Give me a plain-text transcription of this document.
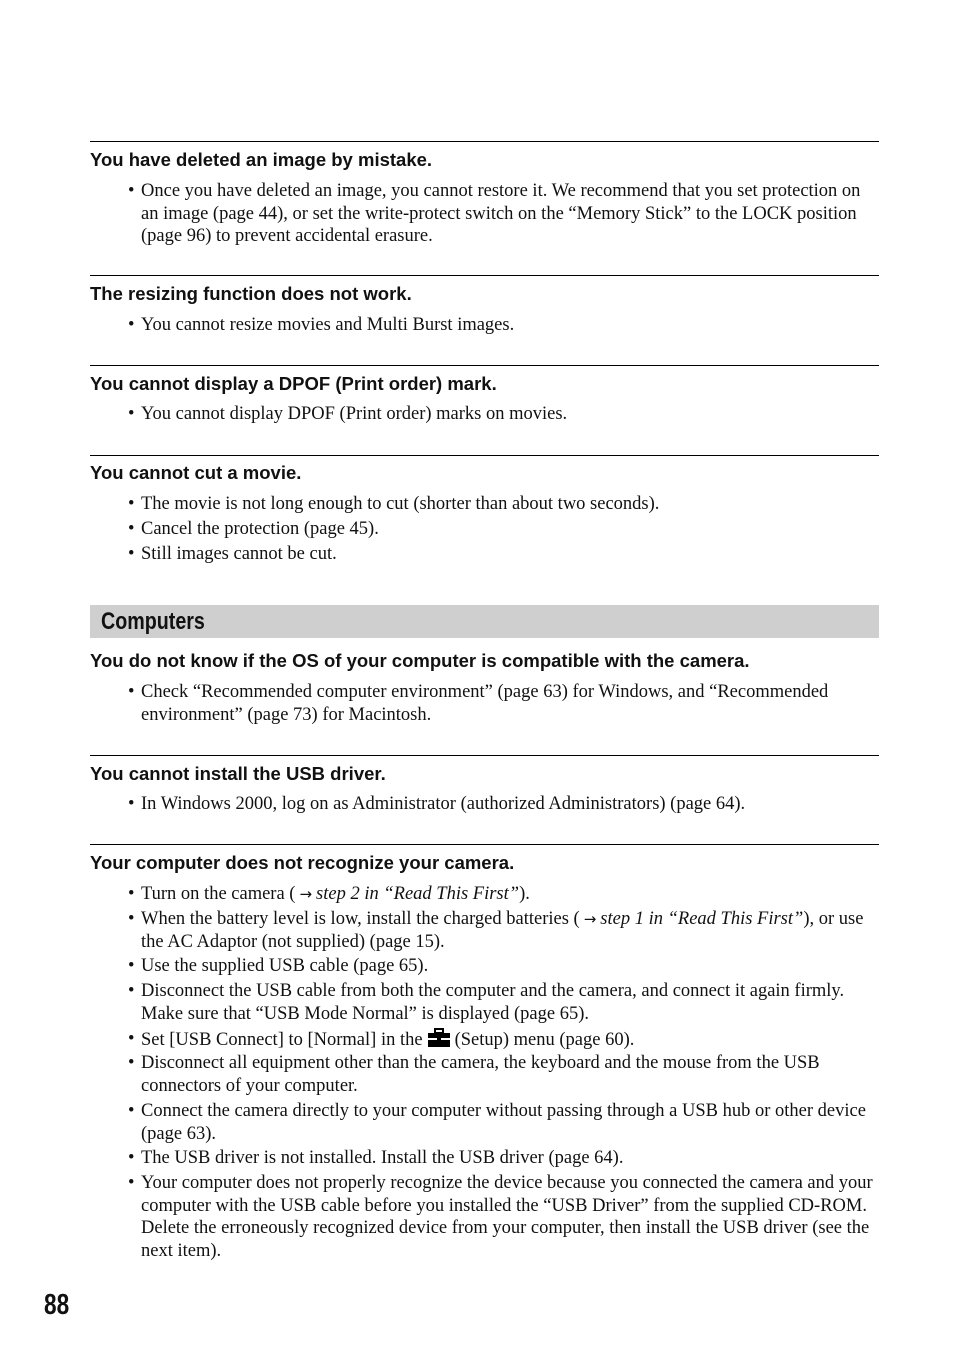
You have deleted an image by mistake.
• Once you have deleted an image, you cannot restore it. We recommend that you set protection on an image (page 44), or set the write-protect switch on the “Memory Stick” to the LOCK position (page 96) to prevent accidental erasure.
The resizing function does not work.
• You cannot resize movies and Multi Burst images.
You cannot display a DPOF (Print order) mark.
• You cannot display DPOF (Print order) marks on movies.
You cannot cut a movie.
• The movie is not long enough to cut (shorter than about two seconds).
• Cancel the protection (page 45).
• Still images cannot be cut.
Computers
You do not know if the OS of your computer is compatible with the camera.
• Check “Recommended computer environment” (page 63) for Windows, and “Recommended environment” (page 73) for Macintosh.
You cannot install the USB driver.
• In Windows 2000, log on as Administrator (authorized Administrators) (page 64).
Your computer does not recognize your camera.
• Turn on the camera ( → step 2 in “Read This First”).
• When the battery level is low, install the charged batteries ( → step 1 in “Read This First”), or use the AC Adaptor (not supplied) (page 15).
• Use the supplied USB cable (page 65).
• Disconnect the USB cable from both the computer and the camera, and connect it again firmly. Make sure that “USB Mode Normal” is displayed (page 65).
• Set [USB Connect] to [Normal] in the (Setup) menu (page 60).
• Disconnect all equipment other than the camera, the keyboard and the mouse from the USB connectors of your computer.
• Connect the camera directly to your computer without passing through a USB hub or other device (page 63).
• The USB driver is not installed. Install the USB driver (page 64).
• Your computer does not properly recognize the device because you connected the camera and your computer with the USB cable before you installed the “USB Driver” from the supplied CD-ROM. Delete the erroneously recognized device from your computer, then install the USB driver (see the next item).
88
